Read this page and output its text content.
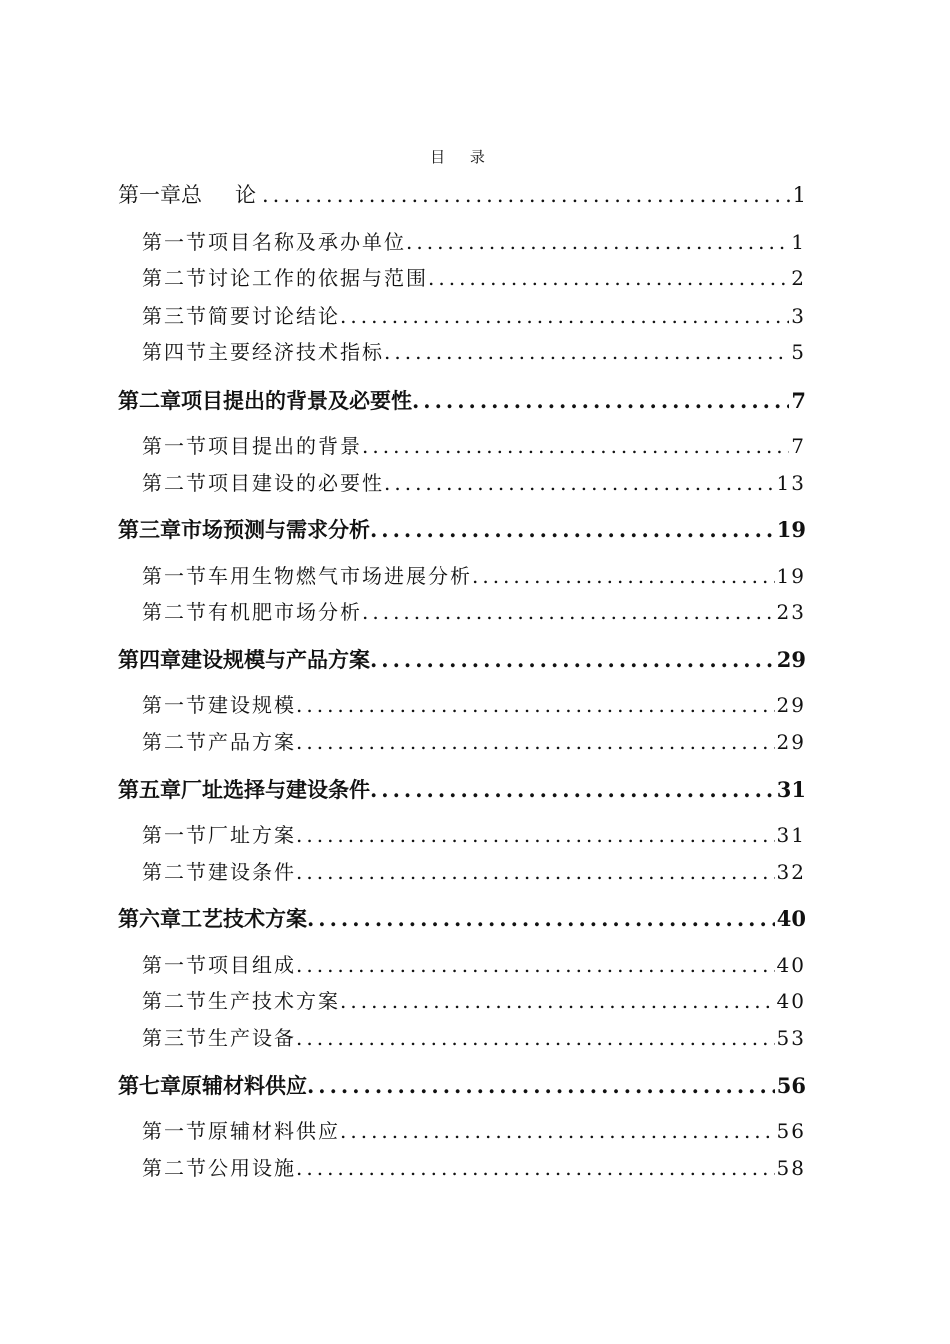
目 录
第一章 总　论 .....	1
第一节 项目名称及承办单位 .....	1
第二节 讨论工作的依据与范围 .....	2
第三节 简要讨论结论 .....	3
第四节 主要经济技术指标 .....	5
第二章 项目提出的背景及必要性 .....	7
第一节 项目提出的背景 .....	7
第二节 项目建设的必要性 .....	13
第三章 市场预测与需求分析 .....	19
第一节 车用生物燃气市场进展分析 .....	19
第二节 有机肥市场分析 .....	23
第四章 建设规模与产品方案 .....	29
第一节 建设规模 .....	29
第二节 产品方案 .....	29
第五章 厂址选择与建设条件 .....	31
第一节 厂址方案 .....	31
第二节 建设条件 .....	32
第六章 工艺技术方案 .....	40
第一节 项目组成 .....	40
第二节 生产技术方案 .....	40
第三节 生产设备 .....	53
第七章 原辅材料供应 .....	56
第一节 原辅材料供应 .....	56
第二节 公用设施 .....	58
